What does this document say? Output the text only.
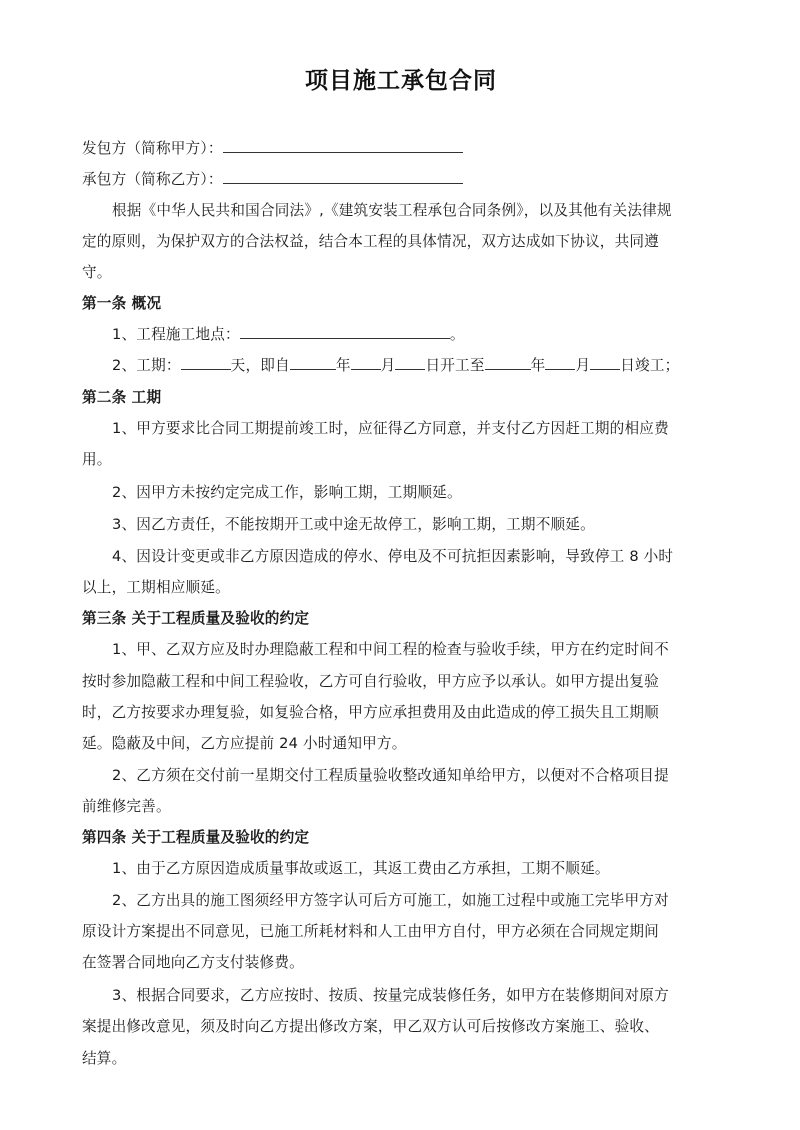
项目施工承包合同
发包方（简称甲方）：
承包方（简称乙方）：
根据《中华人民共和国合同法》,《建筑安装工程承包合同条例》，以及其他有关法律规
定的原则，为保护双方的合法权益，结合本工程的具体情况，双方达成如下协议，共同遵
守。
第一条 概况
1、工程施工地点：	。
2、工期：	天，即自	年 月 日开工至	年 月 日竣工；
第二条 工期
1、甲方要求比合同工期提前竣工时，应征得乙方同意，并支付乙方因赶工期的相应费
用。
2、因甲方未按约定完成工作，影响工期，工期顺延。
3、因乙方责任，不能按期开工或中途无故停工，影响工期，工期不顺延。
4、因设计变更或非乙方原因造成的停水、停电及不可抗拒因素影响，导致停工 8 小时
以上，工期相应顺延。
第三条 关于工程质量及验收的约定
1、甲、乙双方应及时办理隐蔽工程和中间工程的检查与验收手续，甲方在约定时间不
按时参加隐蔽工程和中间工程验收，乙方可自行验收，甲方应予以承认。如甲方提出复验
时，乙方按要求办理复验，如复验合格，甲方应承担费用及由此造成的停工损失且工期顺
延。隐蔽及中间，乙方应提前 24 小时通知甲方。
2、乙方须在交付前一星期交付工程质量验收整改通知单给甲方，以便对不合格项目提
前维修完善。
第四条 关于工程质量及验收的约定
1、由于乙方原因造成质量事故或返工，其返工费由乙方承担，工期不顺延。
2、乙方出具的施工图须经甲方签字认可后方可施工，如施工过程中或施工完毕甲方对
原设计方案提出不同意见，已施工所耗材料和人工由甲方自付，甲方必须在合同规定期间
在签署合同地向乙方支付装修费。
3、根据合同要求，乙方应按时、按质、按量完成装修任务，如甲方在装修期间对原方
案提出修改意见，须及时向乙方提出修改方案，甲乙双方认可后按修改方案施工、验收、
结算。
